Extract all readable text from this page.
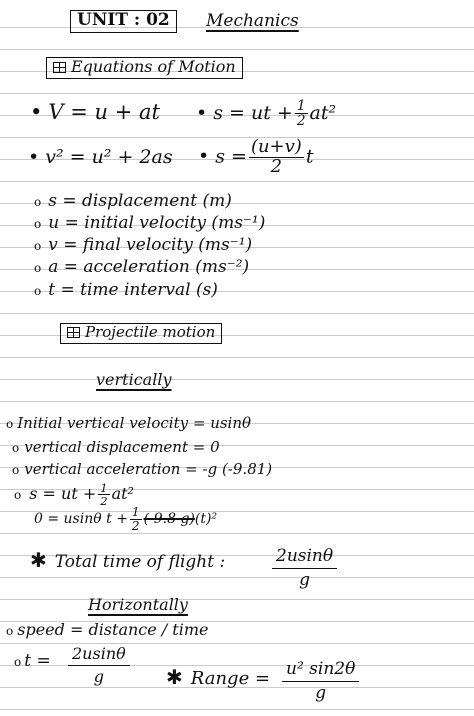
UNIT : 02	Mechanics
Equations of Motion
• V = u + at • s = ut + $\frac{1}{2} at^2$
• v² = u² + 2as • $s = \frac{(u+v)}{2}$ t
o s = displacement (m)
o u = initial velocity (ms⁻¹)
o v = final velocity (ms⁻¹)
o a = acceleration (ms⁻²)
o t = time interval (s)
Projectile motion
vertically
o Initial vertical velocity = usinθ
o vertical displacement = 0
o vertical acceleration = -g (-9.81)
o s = ut + $\frac{1}{2} at^2$
0 = usinθ $t + \frac{1}{2} (-9.8$ g)(t)²
✱ Total time of flight :	2usinθ
g
Horizontally
o speed = distance / time
o t = 2usinθ
g	✱ Range = u² sin2θ
g
